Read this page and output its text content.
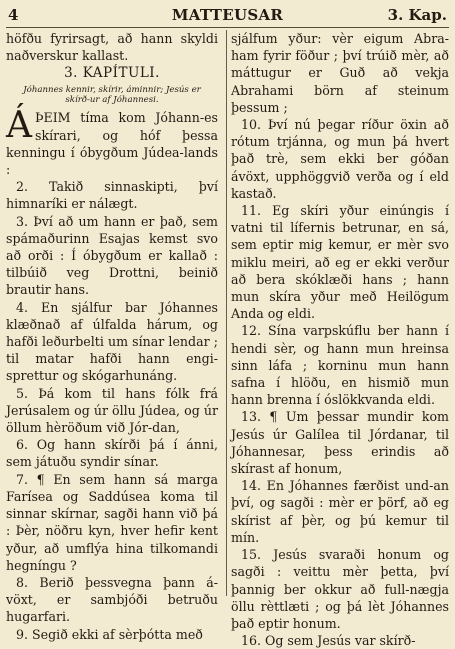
4	MATTEUSAR	3. Kap.

höfðu fyrirsagt, að hann skyldi naðverskur kallast.

3. KAPÍTULI.
Jóhannes kennir, skírir, áminnir; Jesús er skírð-ur af Jóhannesi.

ÁÞEIM tíma kom Jóhann-es skírari, og hóf þessa kenningu í óbygðum Júdea-lands :

2. Takið sinnaskipti, því himnaríki er nálægt.

3. Því að um hann er það, sem spámaðurinn Esajas kemst svo að orði : Í óbygðum er kallað : tilbúið veg Drottni, beinið brautir hans.

4. En sjálfur bar Jóhannes klæðnað af úlfalda hárum, og hafði leðurbelti um sínar lendar ; til matar hafði hann engi-sprettur og skógarhunáng.

5. Þá kom til hans fólk frá Jerúsalem og úr öllu Júdea, og úr öllum hèröðum við Jór-dan,

6. Og hann skírði þá í ánni, sem játuðu syndir sínar.

7. ¶ En sem hann sá marga Farísea og Saddúsea koma til sinnar skírnar, sagði hann við þá : Þèr, nöðru kyn, hver hefir kent yður, að umflýa hina tilkomandi hegníngu ?

8. Berið þessvegna þann á-vöxt, er sambjóði betruðu hugarfari.

9. Segið ekki af sèrþótta með

sjálfum yður: vèr eigum Abra-ham fyrir föður ; því trúið mèr, að máttugur er Guð að vekja Abrahami börn af steinum þessum ;

10. Því nú þegar ríður öxin að rótum trjánna, og mun þá hvert það trè, sem ekki ber góðan ávöxt, upphöggvið verða og í eld kastað.

11. Eg skíri yður einúngis í vatni til lífernis betrunar, en sá, sem eptir mig kemur, er mèr svo miklu meiri, að eg er ekki verður að bera skóklæði hans ; hann mun skíra yður með Heilögum Anda og eldi.

12. Sína varpskúflu ber hann í hendi sèr, og hann mun hreinsa sinn láfa ; korninu mun hann safna í hlöðu, en hismið mun hann brenna í óslökkvanda eldi.

13. ¶ Um þessar mundir kom Jesús úr Galílea til Jórdanar, til Jóhannesar, þess erindis að skírast af honum,

14. En Jóhannes færðist und-an því, og sagði : mèr er þörf, að eg skírist af þèr, og þú kemur til mín.

15. Jesús svaraði honum og sagði : veittu mèr þetta, því þannig ber okkur að full-nægja öllu rèttlæti ; og þá lèt Jóhannes það eptir honum.

16. Og sem Jesús var skírð-
